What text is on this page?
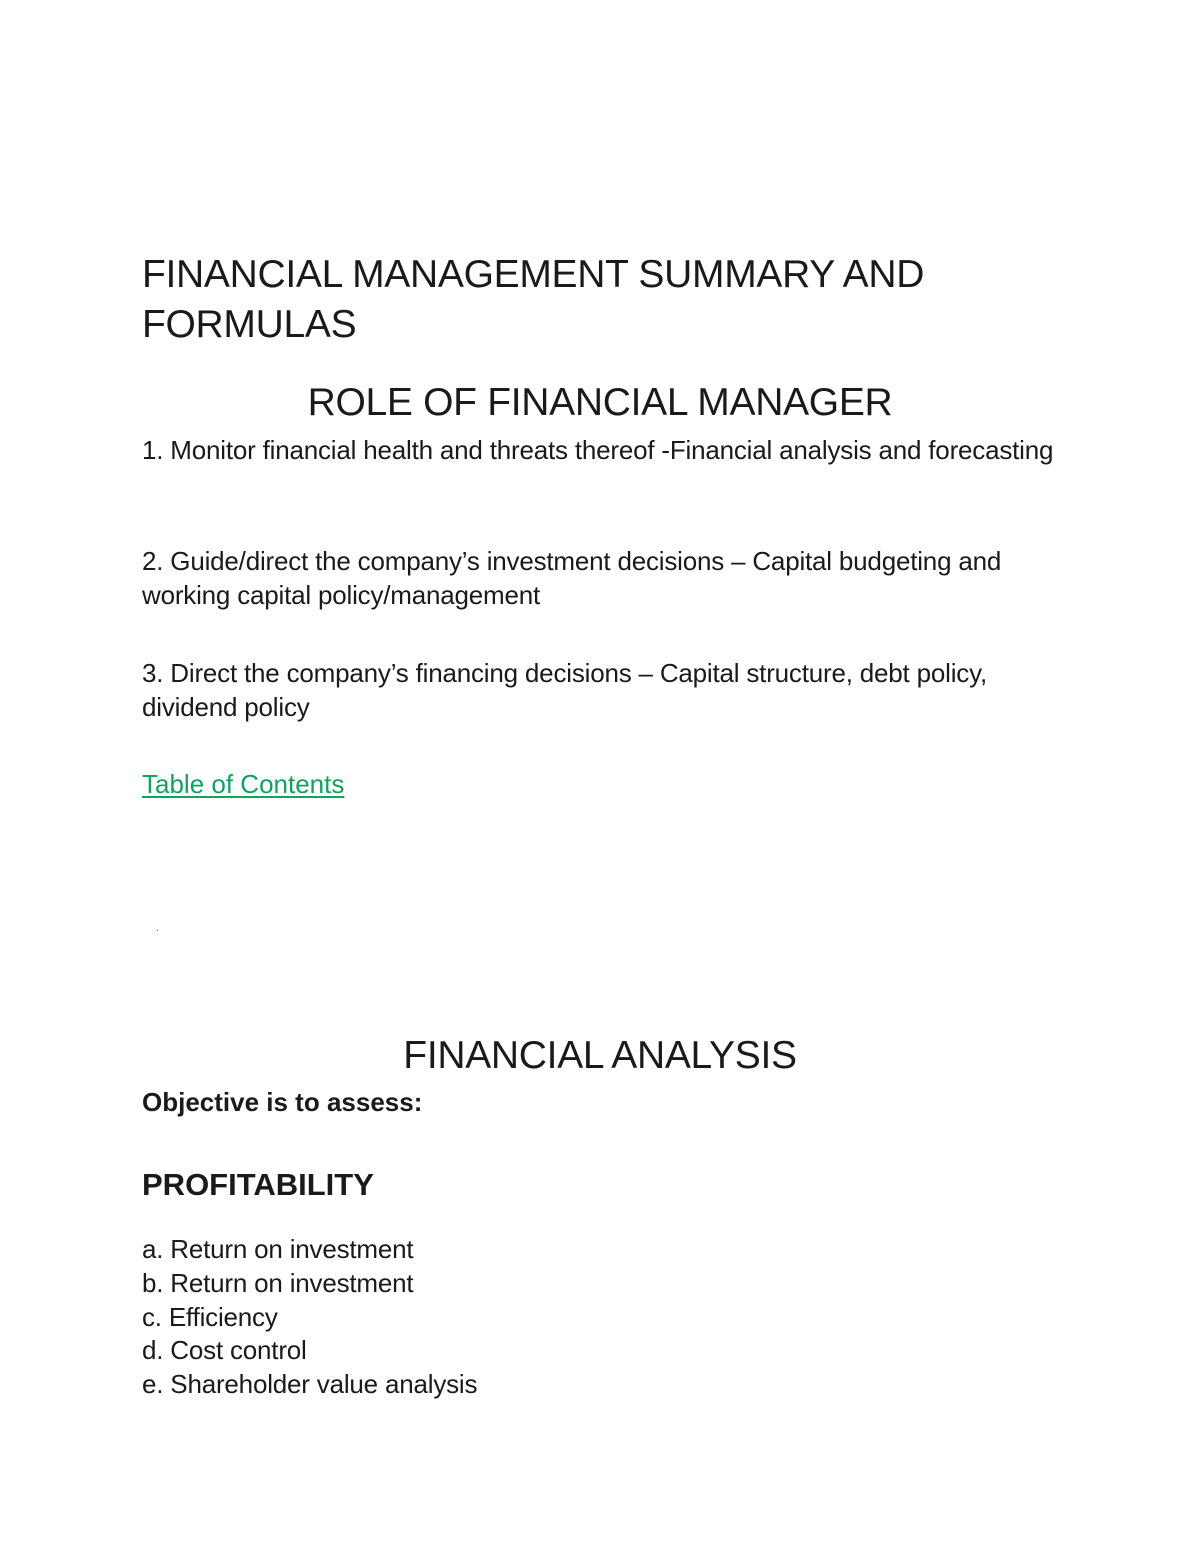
FINANCIAL MANAGEMENT SUMMARY AND FORMULAS
ROLE OF FINANCIAL MANAGER

1. Monitor financial health and threats thereof -Financial analysis and forecasting

2. Guide/direct the company’s investment decisions – Capital budgeting and working capital policy/management

3. Direct the company’s financing decisions – Capital structure, debt policy, dividend policy

Table of Contents
.
FINANCIAL ANALYSIS

Objective is to assess:

PROFITABILITY
a. Return on investment
b. Return on investment
c. Efficiency
d. Cost control
e. Shareholder value analysis
